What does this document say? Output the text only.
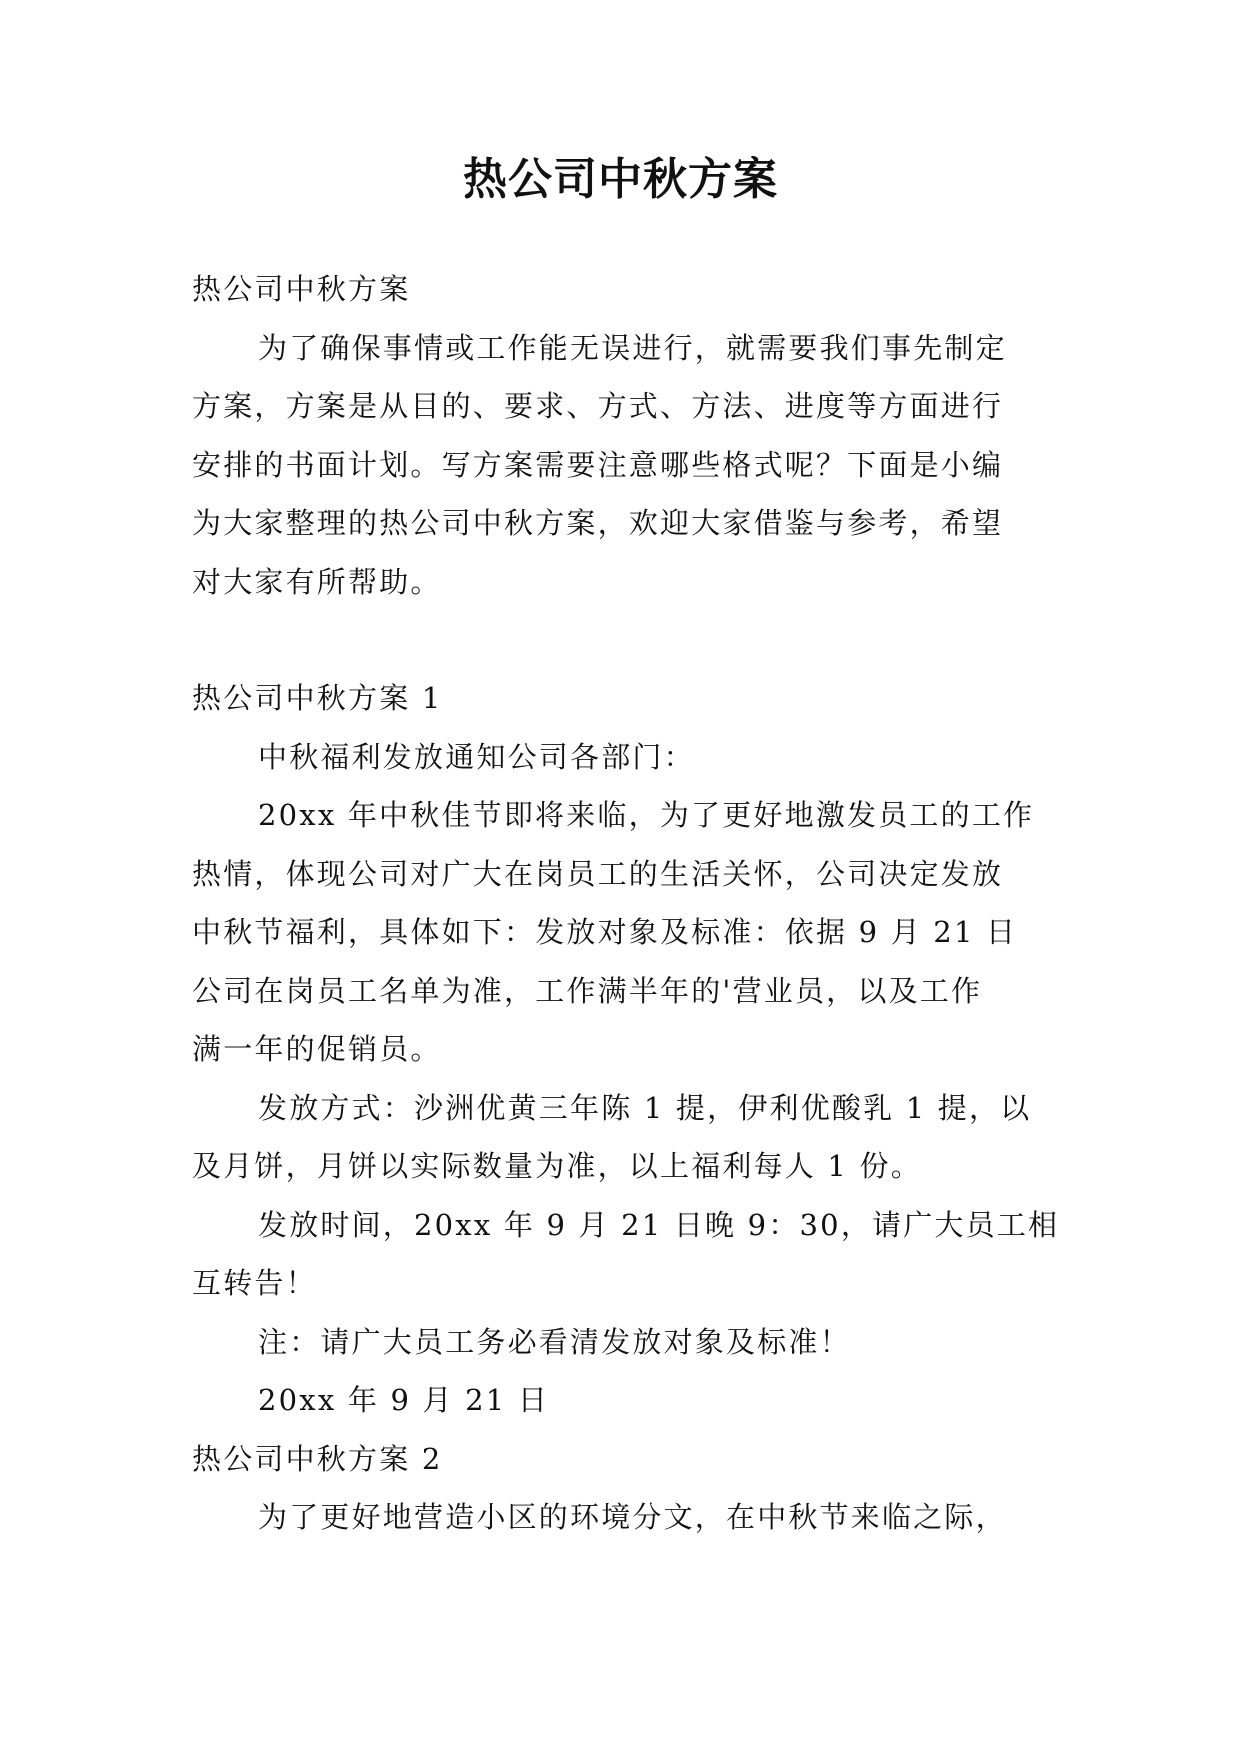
热公司中秋方案
热公司中秋方案
为了确保事情或工作能无误进行，就需要我们事先制定
方案，方案是从目的、要求、方式、方法、进度等方面进行
安排的书面计划。写方案需要注意哪些格式呢？下面是小编
为大家整理的热公司中秋方案，欢迎大家借鉴与参考，希望
对大家有所帮助。
热公司中秋方案 1
中秋福利发放通知公司各部门：
20xx 年中秋佳节即将来临，为了更好地激发员工的工作
热情，体现公司对广大在岗员工的生活关怀，公司决定发放
中秋节福利，具体如下：发放对象及标准：依据 9 月 21 日
公司在岗员工名单为准，工作满半年的'营业员，以及工作
满一年的促销员。
发放方式：沙洲优黄三年陈 1 提，伊利优酸乳 1 提，以
及月饼，月饼以实际数量为准，以上福利每人 1 份。
发放时间，20xx 年 9 月 21 日晚 9：30，请广大员工相
互转告！
注：请广大员工务必看清发放对象及标准！
20xx 年 9 月 21 日
热公司中秋方案 2
为了更好地营造小区的环境分文，在中秋节来临之际，
